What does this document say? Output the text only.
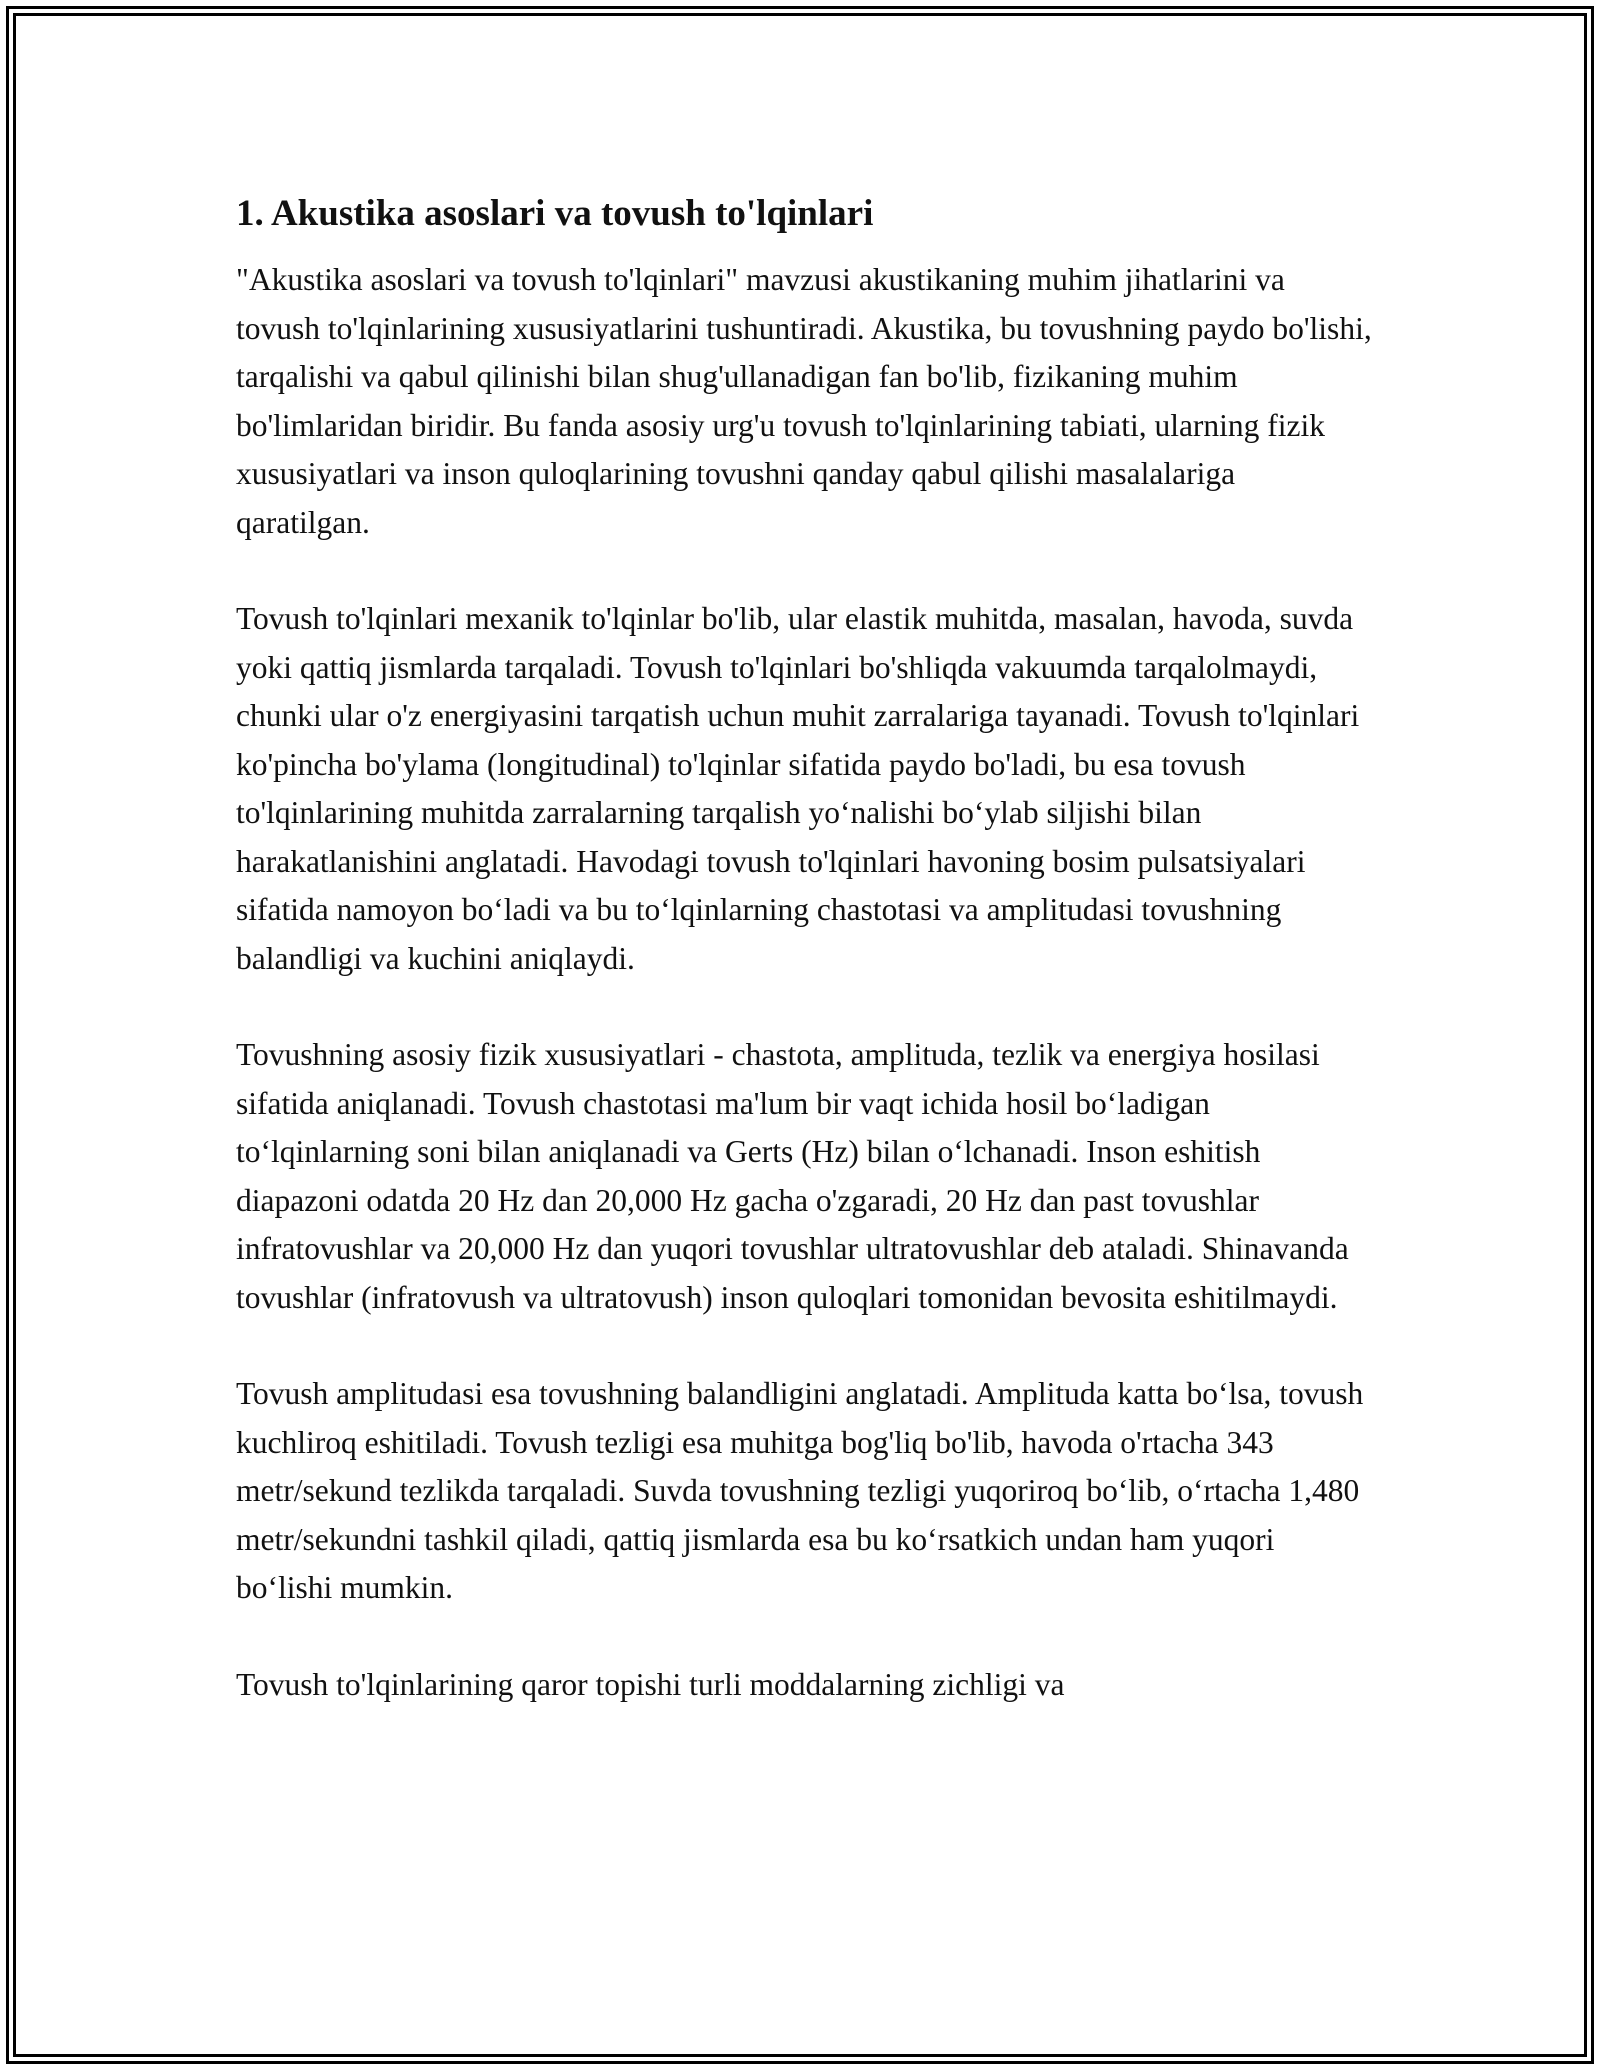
1. Akustika asoslari va tovush to'lqinlari

"Akustika asoslari va tovush to'lqinlari" mavzusi akustikaning muhim jihatlarini va tovush to'lqinlarining xususiyatlarini tushuntiradi. Akustika, bu tovushning paydo bo'lishi, tarqalishi va qabul qilinishi bilan shug'ullanadigan fan bo'lib, fizikaning muhim bo'limlaridan biridir. Bu fanda asosiy urg'u tovush to'lqinlarining tabiati, ularning fizik xususiyatlari va inson quloqlarining tovushni qanday qabul qilishi masalalariga qaratilgan.

Tovush to'lqinlari mexanik to'lqinlar bo'lib, ular elastik muhitda, masalan, havoda, suvda yoki qattiq jismlarda tarqaladi. Tovush to'lqinlari bo'shliqda vakuumda tarqalolmaydi, chunki ular o'z energiyasini tarqatish uchun muhit zarralariga tayanadi. Tovush to'lqinlari ko'pincha bo'ylama (longitudinal) to'lqinlar sifatida paydo bo'ladi, bu esa tovush to'lqinlarining muhitda zarralarning tarqalish yo‘nalishi bo‘ylab siljishi bilan harakatlanishini anglatadi. Havodagi tovush to'lqinlari havoning bosim pulsatsiyalari sifatida namoyon bo‘ladi va bu to‘lqinlarning chastotasi va amplitudasi tovushning balandligi va kuchini aniqlaydi.

Tovushning asosiy fizik xususiyatlari - chastota, amplituda, tezlik va energiya hosilasi sifatida aniqlanadi. Tovush chastotasi ma'lum bir vaqt ichida hosil bo‘ladigan to‘lqinlarning soni bilan aniqlanadi va Gerts (Hz) bilan o‘lchanadi. Inson eshitish diapazoni odatda 20 Hz dan 20,000 Hz gacha o'zgaradi, 20 Hz dan past tovushlar infratovushlar va 20,000 Hz dan yuqori tovushlar ultratovushlar deb ataladi. Shinavanda tovushlar (infratovush va ultratovush) inson quloqlari tomonidan bevosita eshitilmaydi.

Tovush amplitudasi esa tovushning balandligini anglatadi. Amplituda katta bo‘lsa, tovush kuchliroq eshitiladi. Tovush tezligi esa muhitga bog'liq bo'lib, havoda o'rtacha 343 metr/sekund tezlikda tarqaladi. Suvda tovushning tezligi yuqoriroq bo‘lib, o‘rtacha 1,480 metr/sekundni tashkil qiladi, qattiq jismlarda esa bu ko‘rsatkich undan ham yuqori bo‘lishi mumkin.

Tovush to'lqinlarining qaror topishi turli moddalarning zichligi va
